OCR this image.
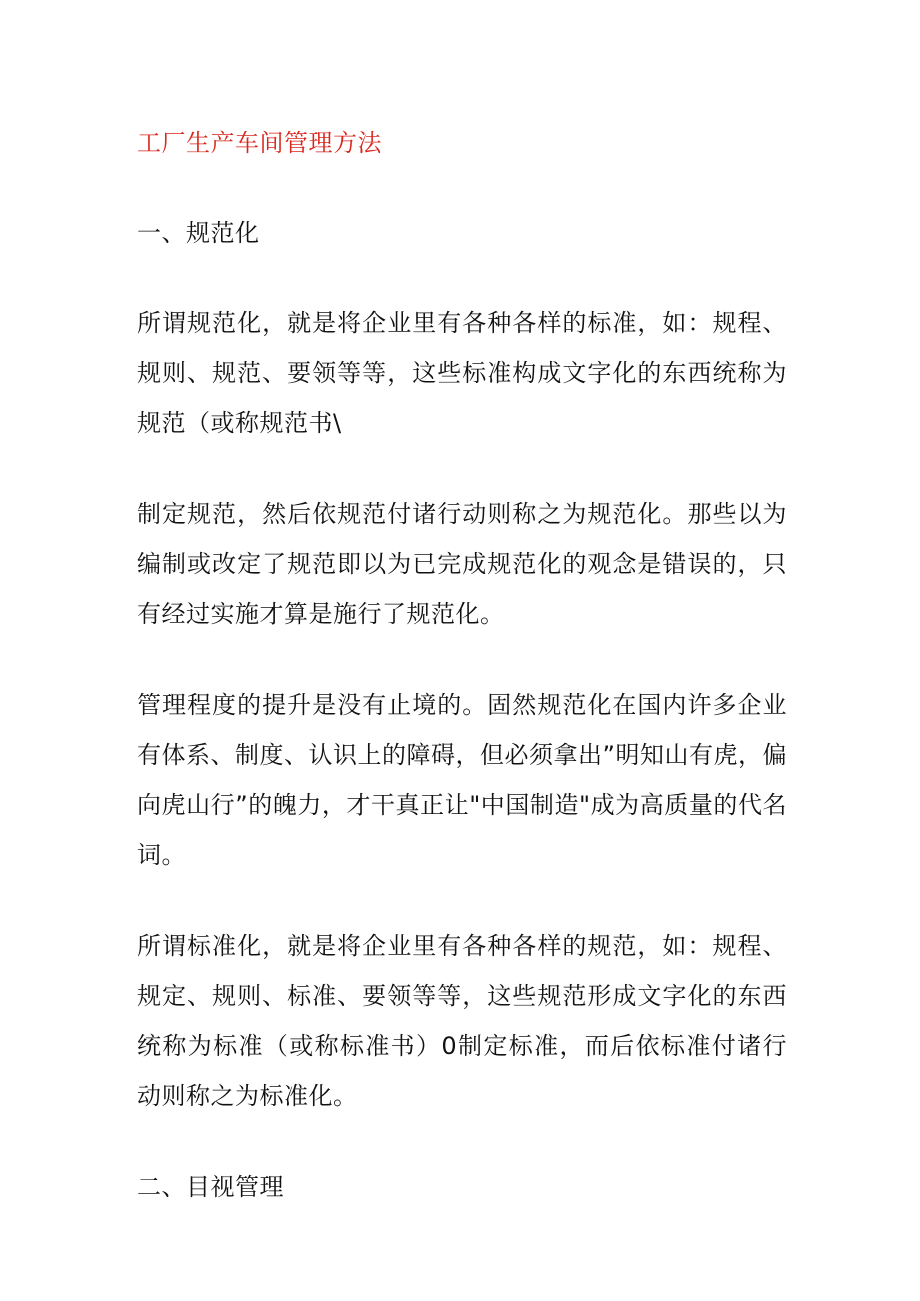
工厂生产车间管理方法
一、规范化
所谓规范化，就是将企业里有各种各样的标准，如：规程、规则、规范、要领等等，这些标准构成文字化的东西统称为规范（或称规范书\
制定规范，然后依规范付诸行动则称之为规范化。那些以为编制或改定了规范即以为已完成规范化的观念是错误的，只有经过实施才算是施行了规范化。
管理程度的提升是没有止境的。固然规范化在国内许多企业有体系、制度、认识上的障碍，但必须拿出”明知山有虎，偏向虎山行”的魄力，才干真正让"中国制造"成为高质量的代名词。
所谓标准化，就是将企业里有各种各样的规范，如：规程、规定、规则、标准、要领等等，这些规范形成文字化的东西统称为标准（或称标准书）0制定标准，而后依标准付诸行动则称之为标准化。
二、目视管理
